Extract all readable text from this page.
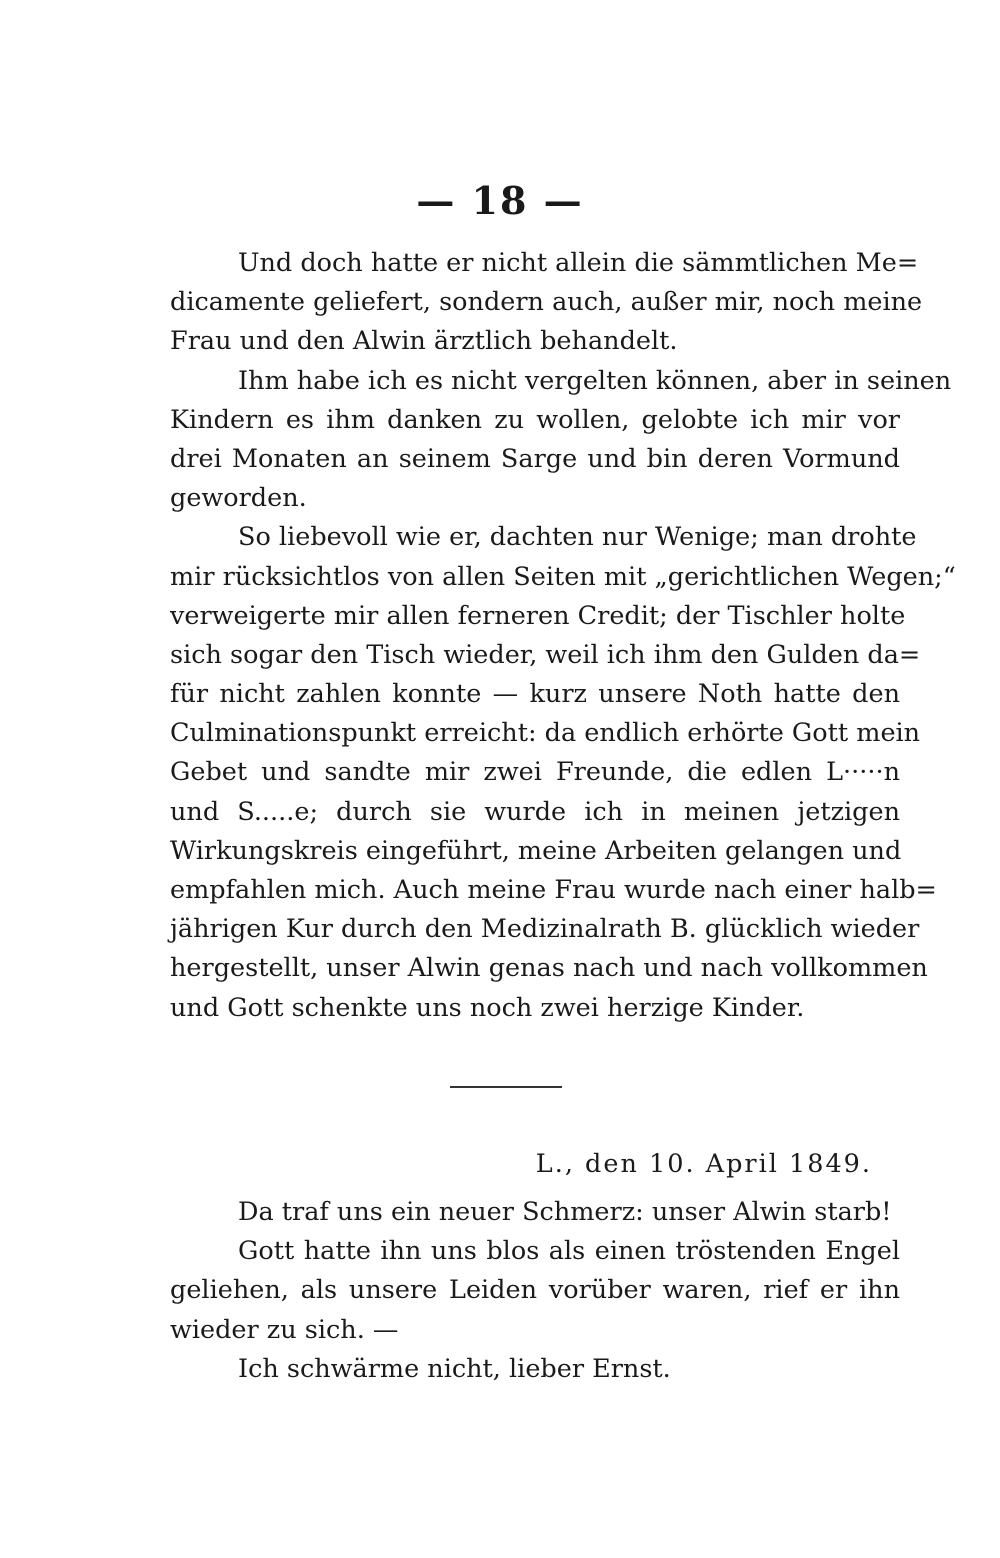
— 18 —
Und doch hatte er nicht allein die sämmtlichen Me=
dicamente geliefert, sondern auch, außer mir, noch meine
Frau und den Alwin ärztlich behandelt.
Ihm habe ich es nicht vergelten können, aber in seinen
Kindern es ihm danken zu wollen, gelobte ich mir vor
drei Monaten an seinem Sarge und bin deren Vormund
geworden.
So liebevoll wie er, dachten nur Wenige; man drohte
mir rücksichtlos von allen Seiten mit „gerichtlichen Wegen;“
verweigerte mir allen ferneren Credit; der Tischler holte
sich sogar den Tisch wieder, weil ich ihm den Gulden da=
für nicht zahlen konnte — kurz unsere Noth hatte den
Culminationspunkt erreicht: da endlich erhörte Gott mein
Gebet und sandte mir zwei Freunde, die edlen L·····n
und S.....e; durch sie wurde ich in meinen jetzigen
Wirkungskreis eingeführt, meine Arbeiten gelangen und
empfahlen mich. Auch meine Frau wurde nach einer halb=
jährigen Kur durch den Medizinalrath B. glücklich wieder
hergestellt, unser Alwin genas nach und nach vollkommen
und Gott schenkte uns noch zwei herzige Kinder.
L., den 10. April 1849.
Da traf uns ein neuer Schmerz: unser Alwin starb!
Gott hatte ihn uns blos als einen tröstenden Engel
geliehen, als unsere Leiden vorüber waren, rief er ihn
wieder zu sich. —
Ich schwärme nicht, lieber Ernst.
